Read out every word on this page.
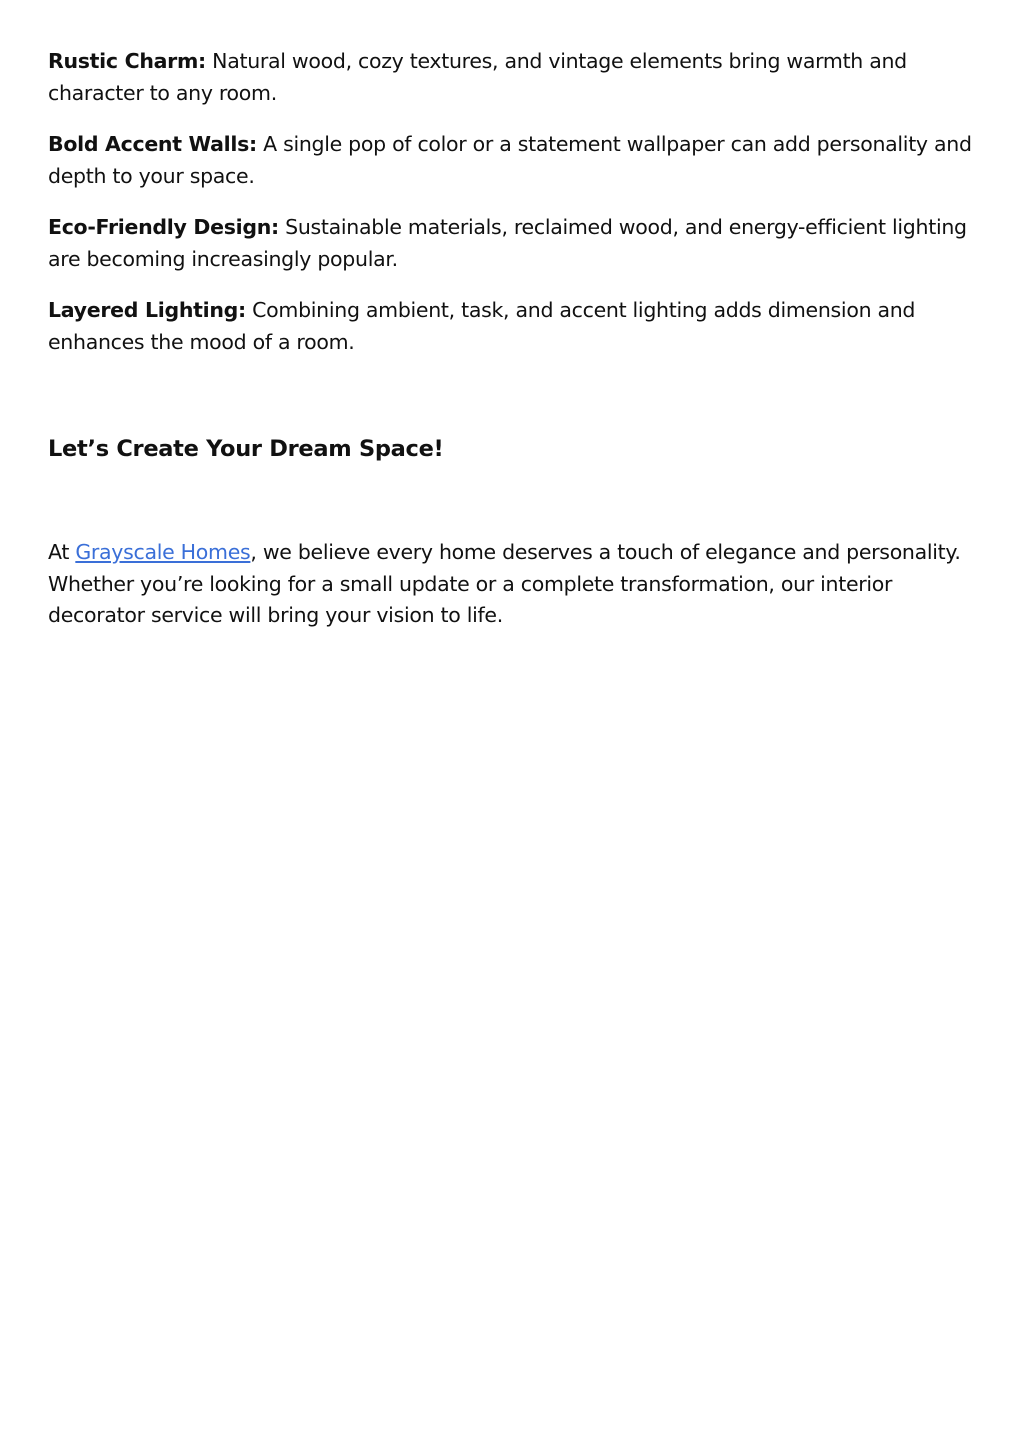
Rustic Charm: Natural wood, cozy textures, and vintage elements bring warmth and character to any room.

Bold Accent Walls: A single pop of color or a statement wallpaper can add personality and depth to your space.

Eco-Friendly Design: Sustainable materials, reclaimed wood, and energy-efficient lighting are becoming increasingly popular.

Layered Lighting: Combining ambient, task, and accent lighting adds dimension and enhances the mood of a room.

Let’s Create Your Dream Space!

At Grayscale Homes, we believe every home deserves a touch of elegance and personality. Whether you’re looking for a small update or a complete transformation, our interior decorator service will bring your vision to life.
